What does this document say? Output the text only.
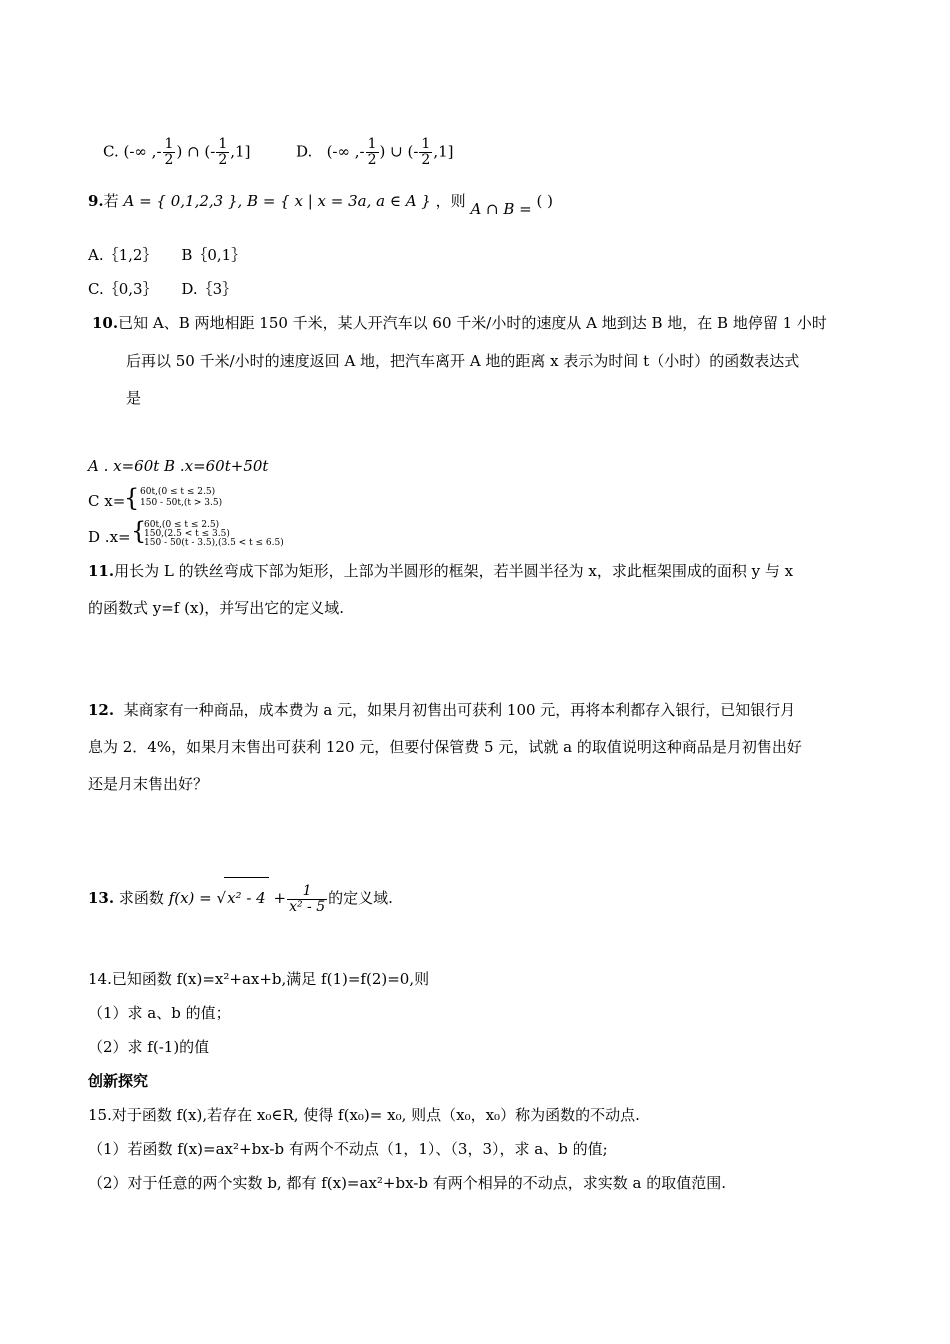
C. (-∞ ,- $\frac{1}{2}$ ) ∩ (- $\frac{1}{2} ,1$]	D. (-∞ ,- $\frac{1}{2}$ ) ∪ (- $\frac{1}{2} ,1$]
9.若 A = { 0,1,2,3 }, B = { x | x = 3a, a ∈ A } ，则 A ∩ B = ( )
A.｛1,2｝ B｛0,1｝
C.｛0,3｝ D.｛3｝
10.已知 A、B 两地相距 150 千米，某人开汽车以 60 千米/小时的速度从 A 地到达 B 地，在 B 地停留 1 小时
后再以 50 千米/小时的速度返回 A 地，把汽车离开 A 地的距离 x 表示为时间 t（小时）的函数表达式
是
A . x=60t B .x=60t+50t
C x=
{ 60t,(0 ≤ t ≤ 2.5)
150 - 50t,(t > 3.5)
D .x= {
60t,(0 ≤ t ≤ 2.5)
150,(2.5 < t ≤ 3.5)
150 - 50(t - 3.5),(3.5 < t ≤ 6.5)
11.用长为 L 的铁丝弯成下部为矩形，上部为半圆形的框架，若半圆半径为 x，求此框架围成的面积 y 与 x
的函数式 y=f (x)，并写出它的定义域.
12. 某商家有一种商品，成本费为 a 元，如果月初售出可获利 100 元，再将本利都存入银行，已知银行月
息为 2．4%，如果月末售出可获利 120 元，但要付保管费 5 元，试就 a 的取值说明这种商品是月初售出好
还是月末售出好？
13. 求函数 $f(x) = √x^2 - 4 + \frac{1}{\text{x² - 5}}$ 的定义域.
14.已知函数 f(x)=x²+ax+b,满足 f(1)=f(2)=0,则
（1）求 a、b 的值；
（2）求 f(-1)的值
创新探究
15.对于函数 f(x),若存在 x₀∈R, 使得 f(x₀)= x₀, 则点（x₀，x₀）称为函数的不动点.
（1）若函数 f(x)=ax²+bx-b 有两个不动点（1，1）、（3，3），求 a、b 的值;
（2）对于任意的两个实数 b, 都有 f(x)=ax²+bx-b 有两个相异的不动点，求实数 a 的取值范围.
